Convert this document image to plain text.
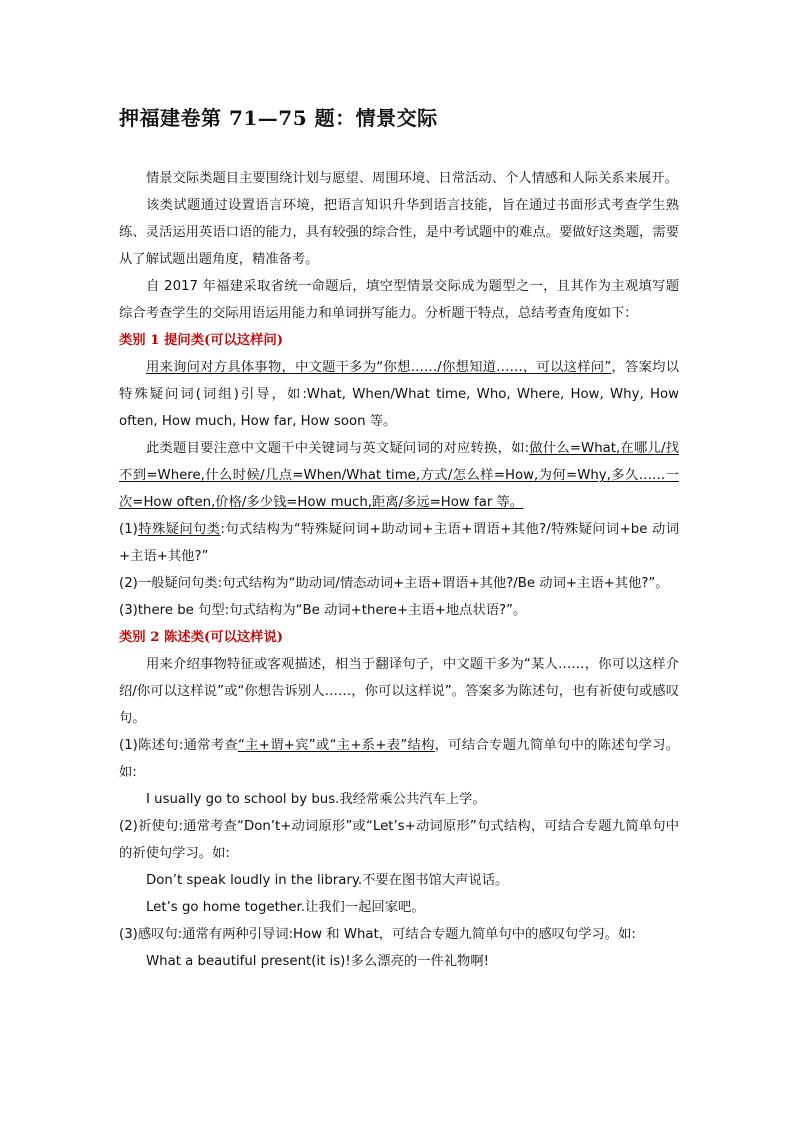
押福建卷第 71—75 题：情景交际

情景交际类题目主要围绕计划与愿望、周围环境、日常活动、个人情感和人际关系来展开。

该类试题通过设置语言环境，把语言知识升华到语言技能，旨在通过书面形式考查学生熟练、灵活运用英语口语的能力，具有较强的综合性，是中考试题中的难点。要做好这类题，需要从了解试题出题角度，精准备考。

自 2017 年福建采取省统一命题后，填空型情景交际成为题型之一，且其作为主观填写题综合考查学生的交际用语运用能力和单词拼写能力。分析题干特点，总结考查角度如下：

类别 1 提问类(可以这样问)

用来询问对方具体事物，中文题干多为“你想……/你想知道……，可以这样问”，答案均以特殊疑问词(词组)引导，如:What, When/What time, Who, Where, How, Why, How often, How much, How far, How soon 等。

此类题目要注意中文题干中关键词与英文疑问词的对应转换，如:做什么=What,在哪儿/找不到=Where,什么时候/几点=When/What time,方式/怎么样=How,为何=Why,多久……一次=How often,价格/多少钱=How much,距离/多远=How far 等。

(1)特殊疑问句类:句式结构为“特殊疑问词+助动词+主语+谓语+其他?/特殊疑问词+be 动词+主语+其他?”

(2)一般疑问句类:句式结构为“助动词/情态动词+主语+谓语+其他?/Be 动词+主语+其他?”。

(3)there be 句型:句式结构为“Be 动词+there+主语+地点状语?”。

类别 2 陈述类(可以这样说)

用来介绍事物特征或客观描述，相当于翻译句子，中文题干多为“某人……，你可以这样介绍/你可以这样说”或“你想告诉别人……，你可以这样说”。答案多为陈述句，也有祈使句或感叹句。

(1)陈述句:通常考查“主+谓+宾”或“主+系+表”结构，可结合专题九简单句中的陈述句学习。如:

I usually go to school by bus.我经常乘公共汽车上学。

(2)祈使句:通常考查“Don’t+动词原形”或“Let’s+动词原形”句式结构，可结合专题九简单句中的祈使句学习。如:

Don’t speak loudly in the library.不要在图书馆大声说话。

Let’s go home together.让我们一起回家吧。

(3)感叹句:通常有两种引导词:How 和 What，可结合专题九简单句中的感叹句学习。如:

What a beautiful present(it is)!多么漂亮的一件礼物啊!
